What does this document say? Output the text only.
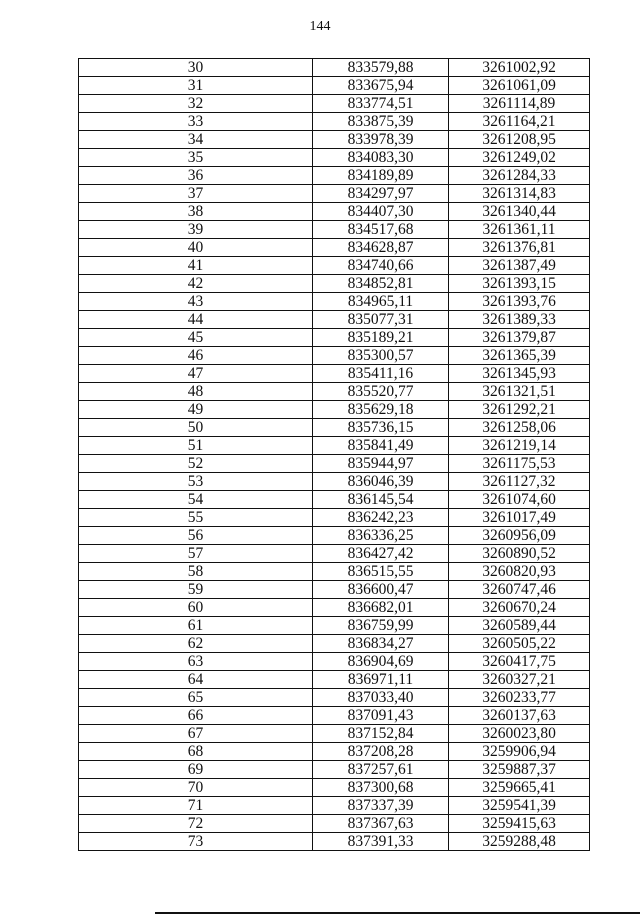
144
30	833579,88	3261002,92
31	833675,94	3261061,09
32	833774,51	3261114,89
33	833875,39	3261164,21
34	833978,39	3261208,95
35	834083,30	3261249,02
36	834189,89	3261284,33
37	834297,97	3261314,83
38	834407,30	3261340,44
39	834517,68	3261361,11
40	834628,87	3261376,81
41	834740,66	3261387,49
42	834852,81	3261393,15
43	834965,11	3261393,76
44	835077,31	3261389,33
45	835189,21	3261379,87
46	835300,57	3261365,39
47	835411,16	3261345,93
48	835520,77	3261321,51
49	835629,18	3261292,21
50	835736,15	3261258,06
51	835841,49	3261219,14
52	835944,97	3261175,53
53	836046,39	3261127,32
54	836145,54	3261074,60
55	836242,23	3261017,49
56	836336,25	3260956,09
57	836427,42	3260890,52
58	836515,55	3260820,93
59	836600,47	3260747,46
60	836682,01	3260670,24
61	836759,99	3260589,44
62	836834,27	3260505,22
63	836904,69	3260417,75
64	836971,11	3260327,21
65	837033,40	3260233,77
66	837091,43	3260137,63
67	837152,84	3260023,80
68	837208,28	3259906,94
69	837257,61	3259887,37
70	837300,68	3259665,41
71	837337,39	3259541,39
72	837367,63	3259415,63
73	837391,33	3259288,48
